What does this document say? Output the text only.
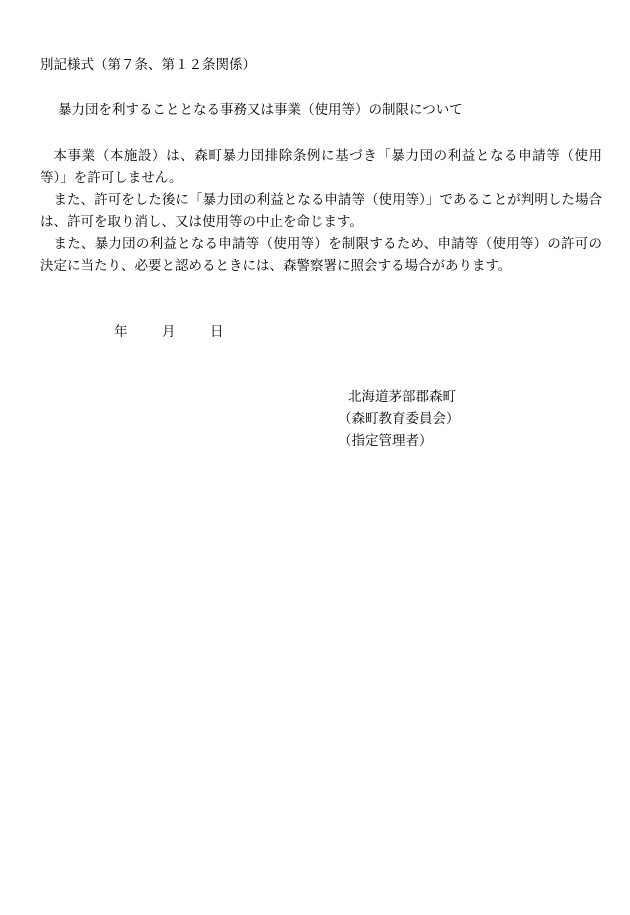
別記様式（第７条、第１２条関係）
暴力団を利することとなる事務又は事業（使用等）の制限について

本事業（本施設）は、森町暴力団排除条例に基づき「暴力団の利益となる申請等（使用等）」を許可しません。

また、許可をした後に「暴力団の利益となる申請等（使用等）」であることが判明した場合は、許可を取り消し、又は使用等の中止を命じます。

また、暴力団の利益となる申請等（使用等）を制限するため、申請等（使用等）の許可の決定に当たり、必要と認めるときには、森警察署に照会する場合があります。

年	月	日
北海道茅部郡森町
（森町教育委員会）
（指定管理者）
